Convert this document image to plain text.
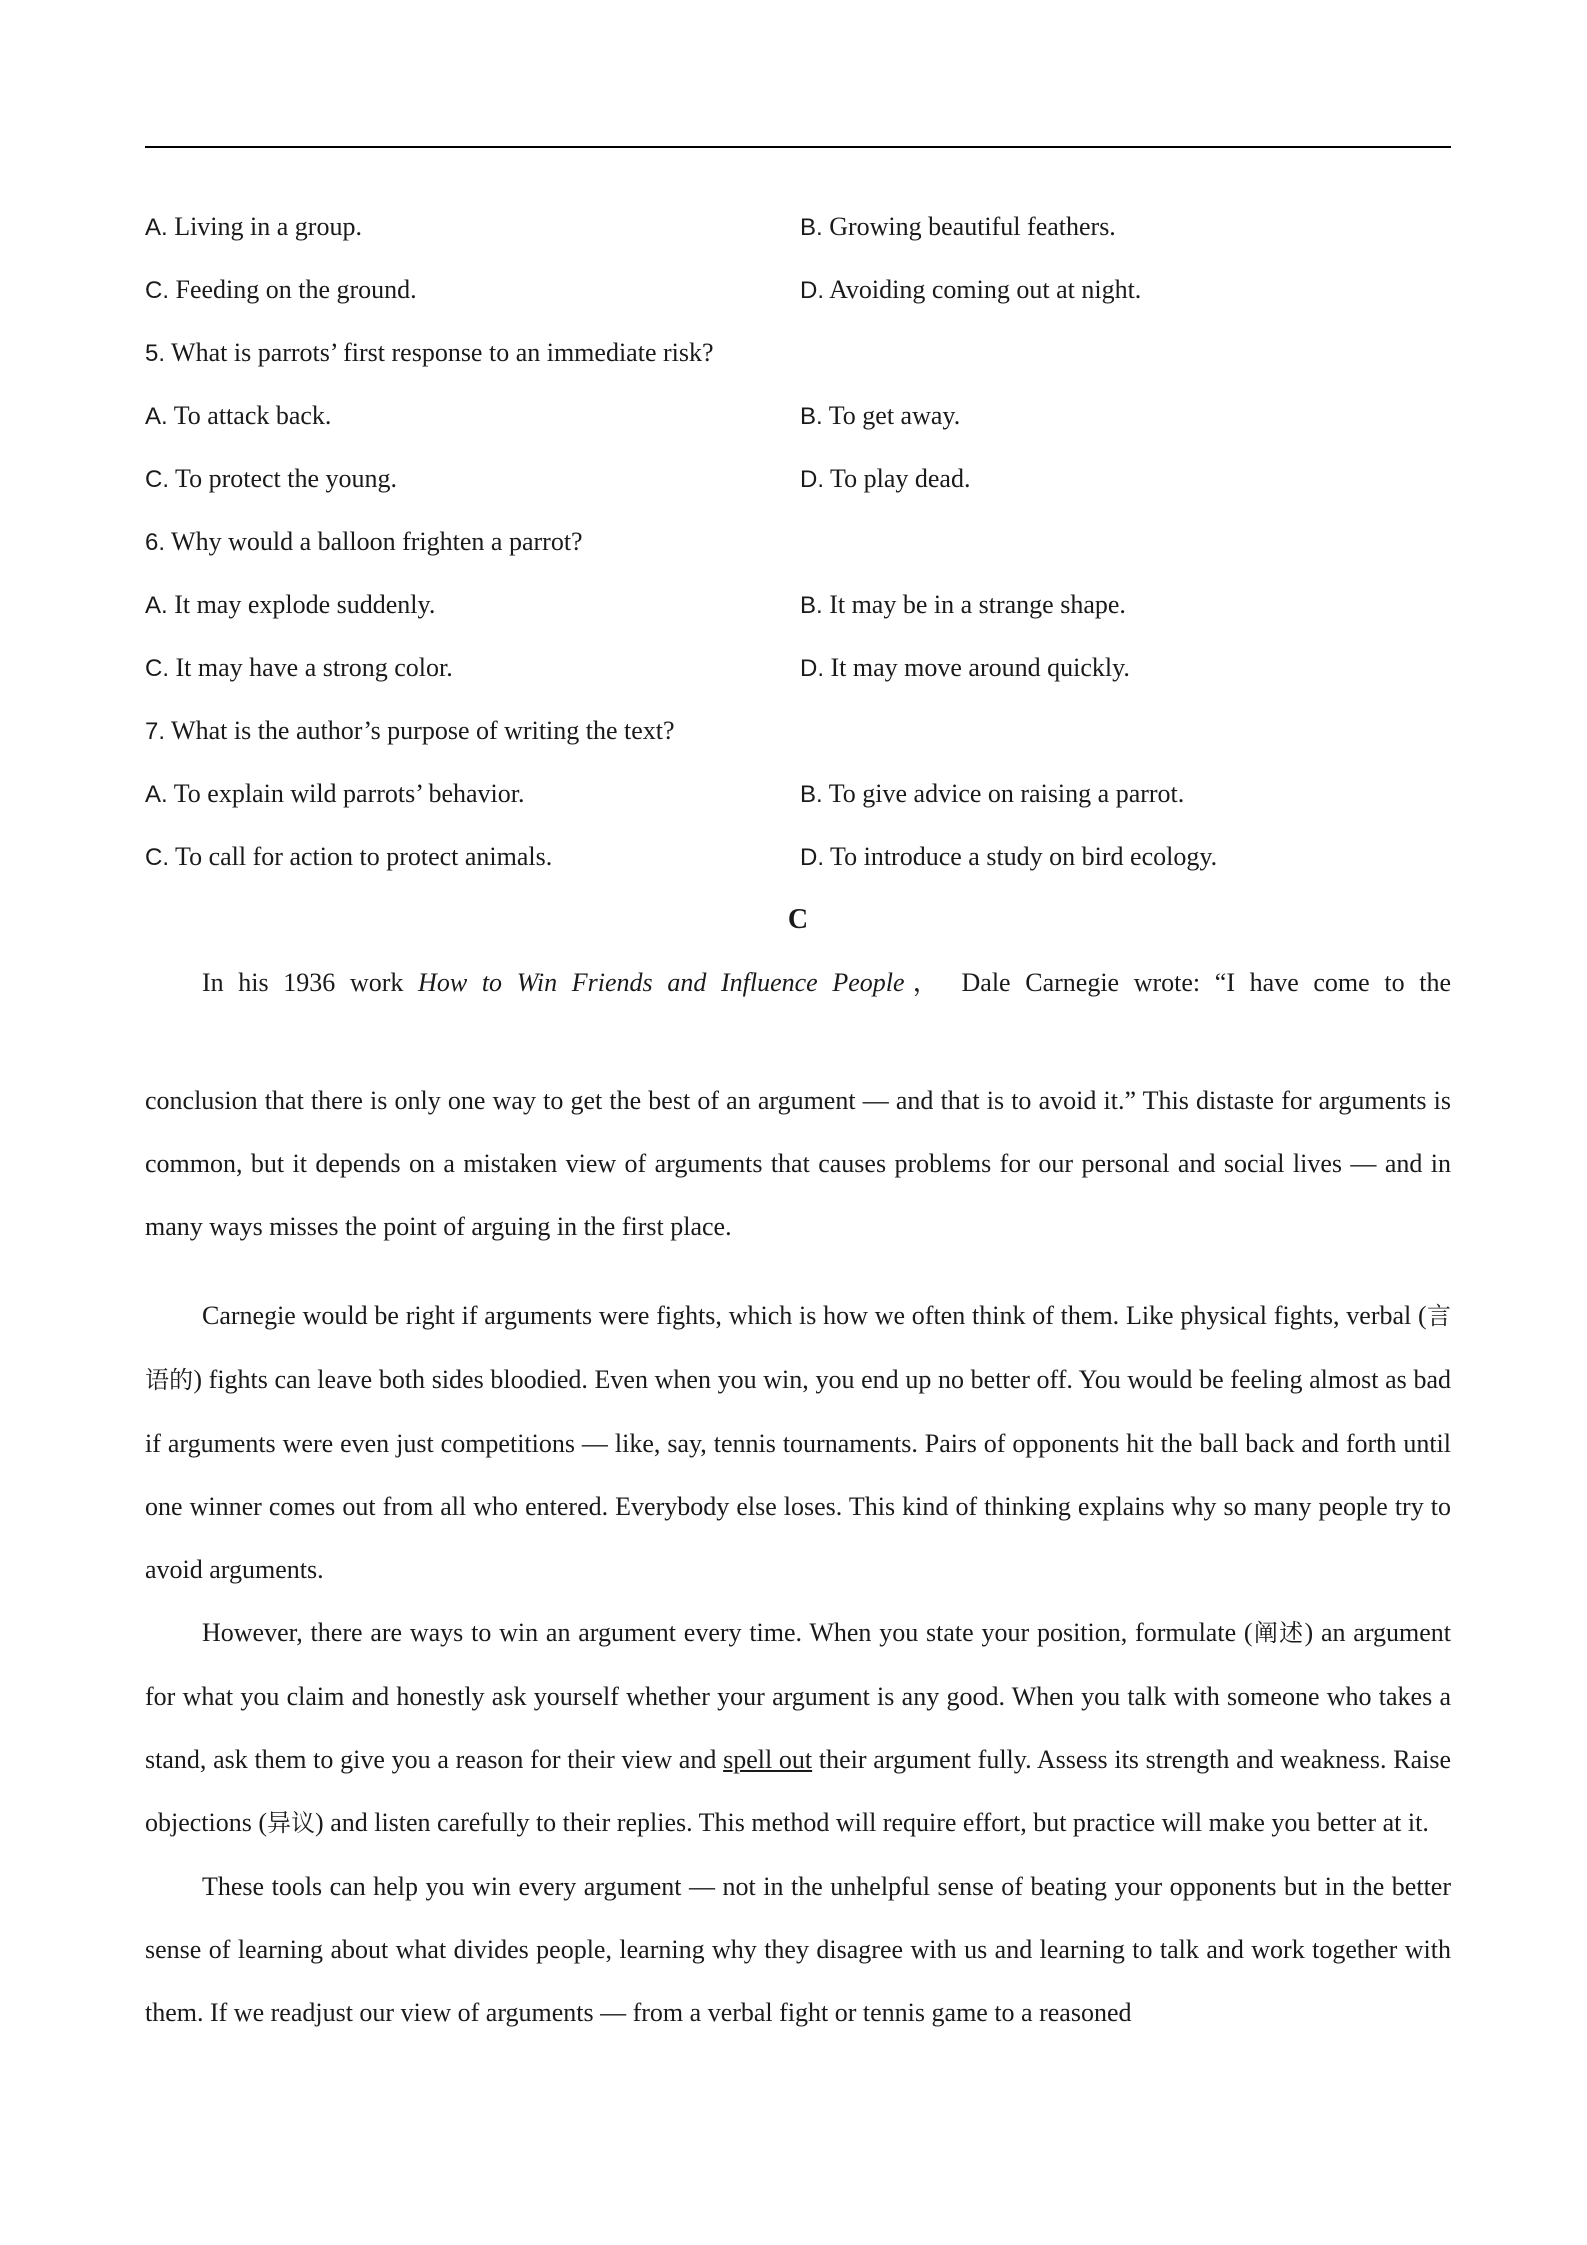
A. Living in a group.	B. Growing beautiful feathers.
C. Feeding on the ground.	D. Avoiding coming out at night.
5. What is parrots’ first response to an immediate risk?
A. To attack back.	B. To get away.
C. To protect the young.	D. To play dead.
6. Why would a balloon frighten a parrot?
A. It may explode suddenly.	B. It may be in a strange shape.
C. It may have a strong color.	D. It may move around quickly.
7. What is the author’s purpose of writing the text?
A. To explain wild parrots’ behavior.	B. To give advice on raising a parrot.
C. To call for action to protect animals.	D. To introduce a study on bird ecology.
C
In his 1936 work How to Win Friends and Influence People， Dale Carnegie wrote: “I have come to the

conclusion that there is only one way to get the best of an argument — and that is to avoid it.” This distaste for arguments is common, but it depends on a mistaken view of arguments that causes problems for our personal and social lives — and in many ways misses the point of arguing in the first place.

Carnegie would be right if arguments were fights, which is how we often think of them. Like physical fights, verbal (言语的) fights can leave both sides bloodied. Even when you win, you end up no better off. You would be feeling almost as bad if arguments were even just competitions — like, say, tennis tournaments. Pairs of opponents hit the ball back and forth until one winner comes out from all who entered. Everybody else loses. This kind of thinking explains why so many people try to avoid arguments.

However, there are ways to win an argument every time. When you state your position, formulate (阐述) an argument for what you claim and honestly ask yourself whether your argument is any good. When you talk with someone who takes a stand, ask them to give you a reason for their view and spell out their argument fully. Assess its strength and weakness. Raise objections (异议) and listen carefully to their replies. This method will require effort, but practice will make you better at it.

These tools can help you win every argument — not in the unhelpful sense of beating your opponents but in the better sense of learning about what divides people, learning why they disagree with us and learning to talk and work together with them. If we readjust our view of arguments — from a verbal fight or tennis game to a reasoned
